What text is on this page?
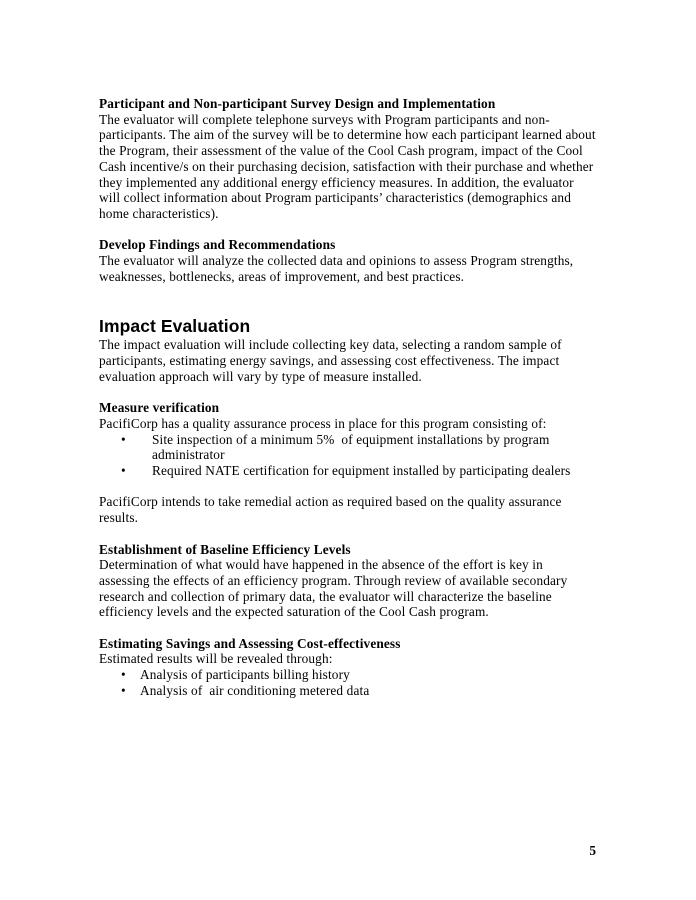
Participant and Non-participant Survey Design and Implementation

The evaluator will complete telephone surveys with Program participants and non-participants. The aim of the survey will be to determine how each participant learned about the Program, their assessment of the value of the Cool Cash program, impact of the Cool Cash incentive/s on their purchasing decision, satisfaction with their purchase and whether they implemented any additional energy efficiency measures. In addition, the evaluator will collect information about Program participants’ characteristics (demographics and home characteristics).

Develop Findings and Recommendations

The evaluator will analyze the collected data and opinions to assess Program strengths, weaknesses, bottlenecks, areas of improvement, and best practices.

Impact Evaluation

The impact evaluation will include collecting key data, selecting a random sample of participants, estimating energy savings, and assessing cost effectiveness. The impact evaluation approach will vary by type of measure installed.

Measure verification

PacifiCorp has a quality assurance process in place for this program consisting of:

• Site inspection of a minimum 5%  of equipment installations by program administrator
• Required NATE certification for equipment installed by participating dealers

PacifiCorp intends to take remedial action as required based on the quality assurance results.

Establishment of Baseline Efficiency Levels

Determination of what would have happened in the absence of the effort is key in assessing the effects of an efficiency program. Through review of available secondary research and collection of primary data, the evaluator will characterize the baseline efficiency levels and the expected saturation of the Cool Cash program.

Estimating Savings and Assessing Cost-effectiveness

Estimated results will be revealed through:

• Analysis of participants billing history
• Analysis of  air conditioning metered data
5
